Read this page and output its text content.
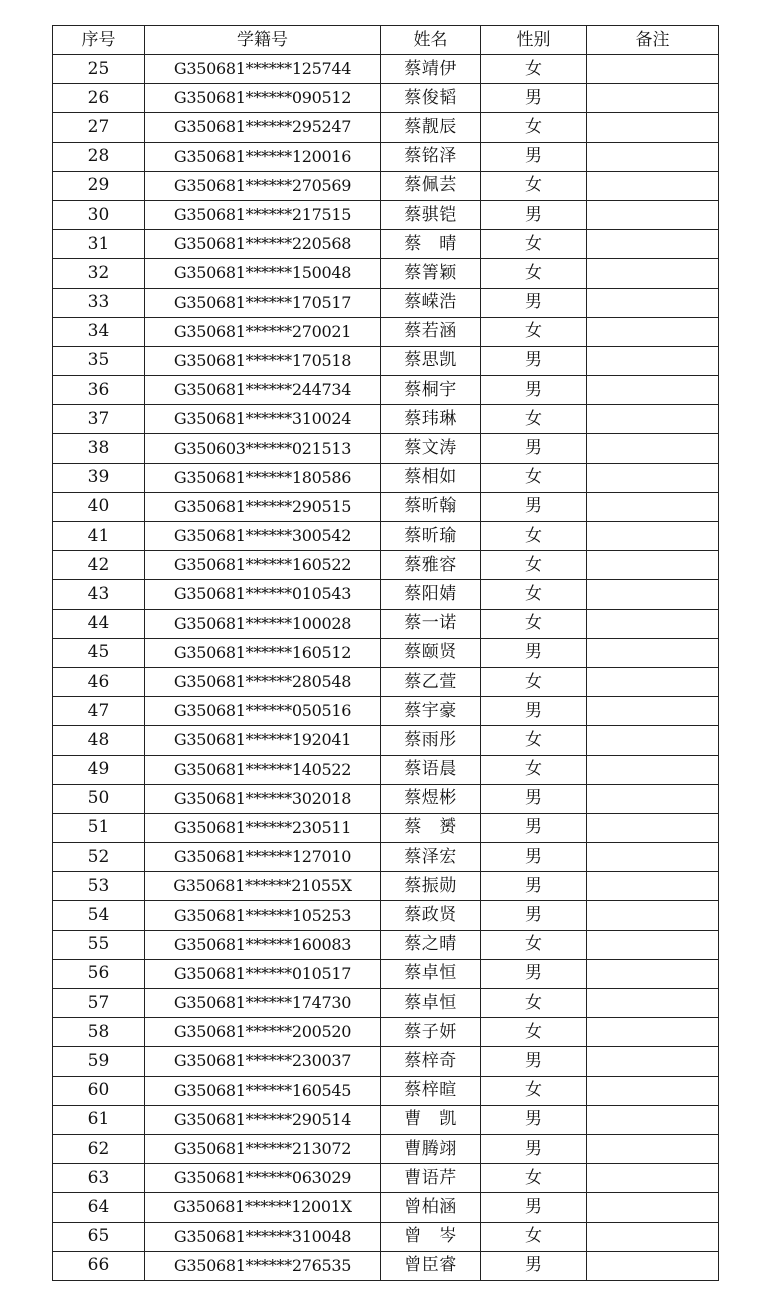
序号	学籍号	姓名	性别	备注
25	G350681******125744	蔡靖伊	女	
26	G350681******090512	蔡俊韬	男	
27	G350681******295247	蔡靓辰	女	
28	G350681******120016	蔡铭泽	男	
29	G350681******270569	蔡佩芸	女	
30	G350681******217515	蔡骐铠	男	
31	G350681******220568	蔡　晴	女	
32	G350681******150048	蔡箐颖	女	
33	G350681******170517	蔡嵘浩	男	
34	G350681******270021	蔡若涵	女	
35	G350681******170518	蔡思凯	男	
36	G350681******244734	蔡桐宇	男	
37	G350681******310024	蔡玮琳	女	
38	G350603******021513	蔡文涛	男	
39	G350681******180586	蔡相如	女	
40	G350681******290515	蔡昕翰	男	
41	G350681******300542	蔡昕瑜	女	
42	G350681******160522	蔡雅容	女	
43	G350681******010543	蔡阳婧	女	
44	G350681******100028	蔡一诺	女	
45	G350681******160512	蔡颐贤	男	
46	G350681******280548	蔡乙萱	女	
47	G350681******050516	蔡宇豪	男	
48	G350681******192041	蔡雨彤	女	
49	G350681******140522	蔡语晨	女	
50	G350681******302018	蔡煜彬	男	
51	G350681******230511	蔡　赟	男	
52	G350681******127010	蔡泽宏	男	
53	G350681******21055X	蔡振勋	男	
54	G350681******105253	蔡政贤	男	
55	G350681******160083	蔡之晴	女	
56	G350681******010517	蔡卓恒	男	
57	G350681******174730	蔡卓恒	女	
58	G350681******200520	蔡子妍	女	
59	G350681******230037	蔡梓奇	男	
60	G350681******160545	蔡梓暄	女	
61	G350681******290514	曹　凯	男	
62	G350681******213072	曹腾翊	男	
63	G350681******063029	曹语芹	女	
64	G350681******12001X	曾柏涵	男	
65	G350681******310048	曾　岑	女	
66	G350681******276535	曾臣睿	男	
